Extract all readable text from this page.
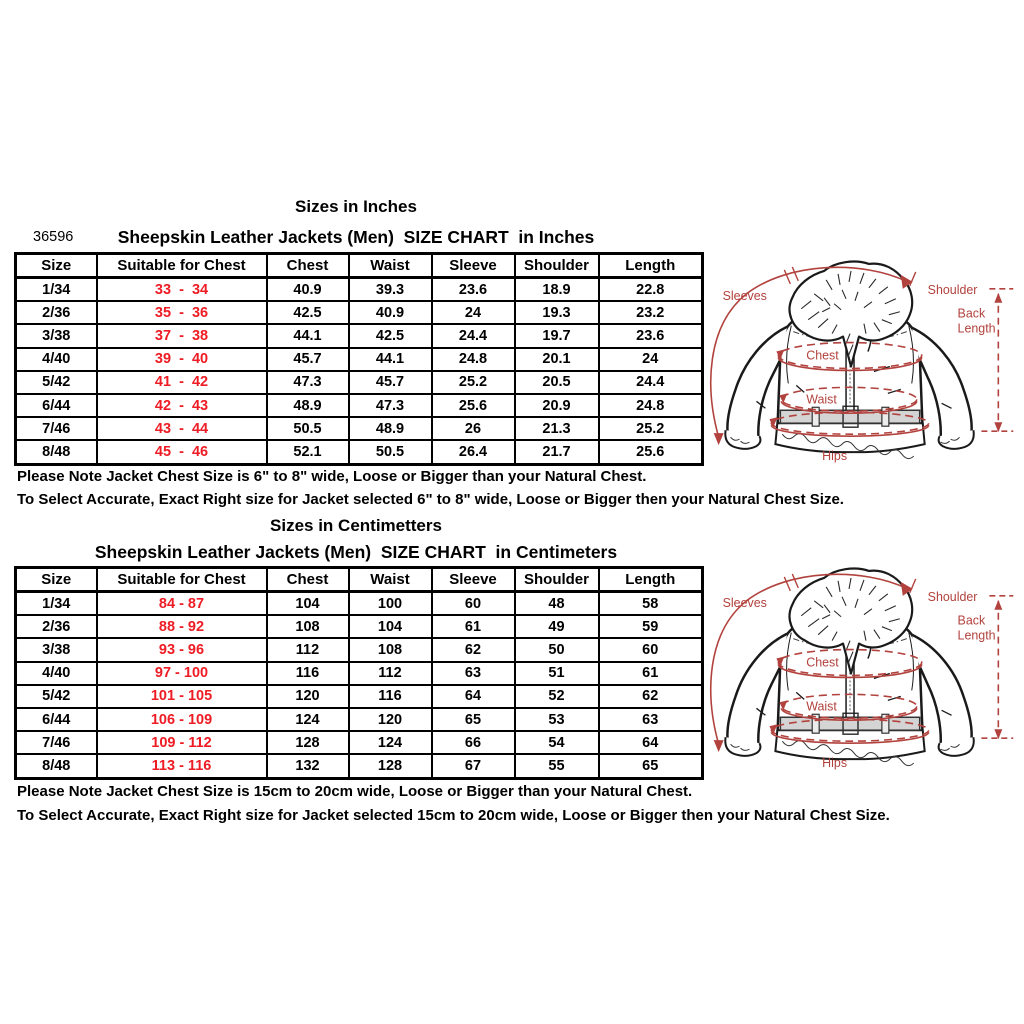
Sizes in Inches
36596	Sheepskin Leather Jackets (Men)  SIZE CHART  in Inches
Size	Suitable for Chest	Chest	Waist	Sleeve	Shoulder	Length
1/34	33  -  34	40.9	39.3	23.6	18.9	22.8
2/36	35  -  36	42.5	40.9	24	19.3	23.2
3/38	37  -  38	44.1	42.5	24.4	19.7	23.6
4/40	39  -  40	45.7	44.1	24.8	20.1	24
5/42	41  -  42	47.3	45.7	25.2	20.5	24.4
6/44	42  -  43	48.9	47.3	25.6	20.9	24.8
7/46	43  -  44	50.5	48.9	26	21.3	25.2
8/48	45  -  46	52.1	50.5	26.4	21.7	25.6
Sleeves	Shoulder
Back
Length
Chest
Waist
Hips
Please Note Jacket Chest Size is 6" to 8" wide, Loose or Bigger than your Natural Chest.
To Select Accurate, Exact Right size for Jacket selected 6" to 8" wide, Loose or Bigger then your Natural Chest Size.
Sizes in Centimetters
Sheepskin Leather Jackets (Men)  SIZE CHART  in Centimeters
Size	Suitable for Chest	Chest	Waist	Sleeve	Shoulder	Length
1/34	84 - 87	104	100	60	48	58
2/36	88 - 92	108	104	61	49	59
3/38	93 - 96	112	108	62	50	60
4/40	97 - 100	116	112	63	51	61
5/42	101 - 105	120	116	64	52	62
6/44	106 - 109	124	120	65	53	63
7/46	109 - 112	128	124	66	54	64
8/48	113 - 116	132	128	67	55	65
Please Note Jacket Chest Size is 15cm to 20cm wide, Loose or Bigger than your Natural Chest.
To Select Accurate, Exact Right size for Jacket selected 15cm to 20cm wide, Loose or Bigger then your Natural Chest Size.
